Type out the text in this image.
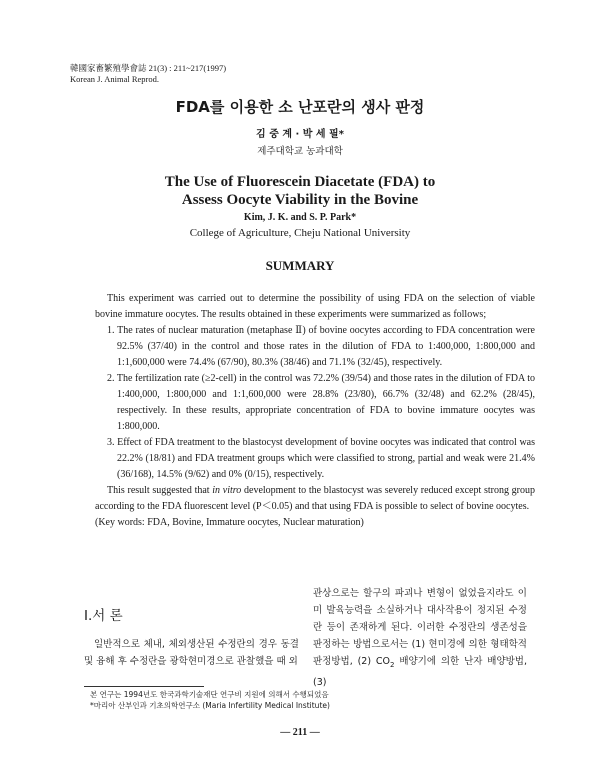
韓國家畜繁殖學會誌 21(3) : 211~217(1997)
Korean J. Animal Reprod.
FDA를 이용한 소 난포란의 생사 판정
김 중 계 · 박 세 필*
제주대학교 농과대학
The Use of Fluorescein Diacetate (FDA) to
Assess Oocyte Viability in the Bovine
Kim, J. K. and S. P. Park*
College of Agriculture, Cheju National University
SUMMARY

This experiment was carried out to determine the possibility of using FDA on the selection of viable bovine immature oocytes. The results obtained in these experiments were summarized as follows;

1. The rates of nuclear maturation (metaphase Ⅱ) of bovine oocytes according to FDA concentration were 92.5% (37/40) in the control and those rates in the dilution of FDA to 1:400,000, 1:800,000 and 1:1,600,000 were 74.4% (67/90), 80.3% (38/46) and 71.1% (32/45), respectively.

2. The fertilization rate (≥2-cell) in the control was 72.2% (39/54) and those rates in the dilution of FDA to 1:400,000, 1:800,000 and 1:1,600,000 were 28.8% (23/80), 66.7% (32/48) and 62.2% (28/45), respectively. In these results, appropriate concentration of FDA to bovine immature oocytes was 1:800,000.

3. Effect of FDA treatment to the blastocyst development of bovine oocytes was indicated that control was 22.2% (18/81) and FDA treatment groups which were classified to strong, partial and weak were 21.4% (36/168), 14.5% (9/62) and 0% (0/15), respectively.

This result suggested that in vitro development to the blastocyst was severely reduced except strong group according to the FDA fluorescent level (P＜0.05) and that using FDA is possible to select of bovine oocytes.

(Key words: FDA, Bovine, Immature oocytes, Nuclear maturation)

Ⅰ.서 론

일반적으로 체내, 체외생산된 수정란의 경우 동결 및 융해 후 수정란을 광학현미경으로 관찰했을 때 외

관상으로는 할구의 파괴나 변형이 없었을지라도 이미 발육능력을 소실하거나 대사작용이 정지된 수정란 등이 존재하게 된다. 이러한 수정란의 생존성을 판정하는 방법으로서는 (1) 현미경에 의한 형태학적 판정방법, (2) $CO_2$ 배양기에 의한 난자 배양방법, (3)

본 연구는 1994년도 한국과학기술재단 연구비 지원에 의해서 수행되었음
*마리아 산부인과 기초의학연구소 (Maria Infertility Medical Institute)
— 211 —
